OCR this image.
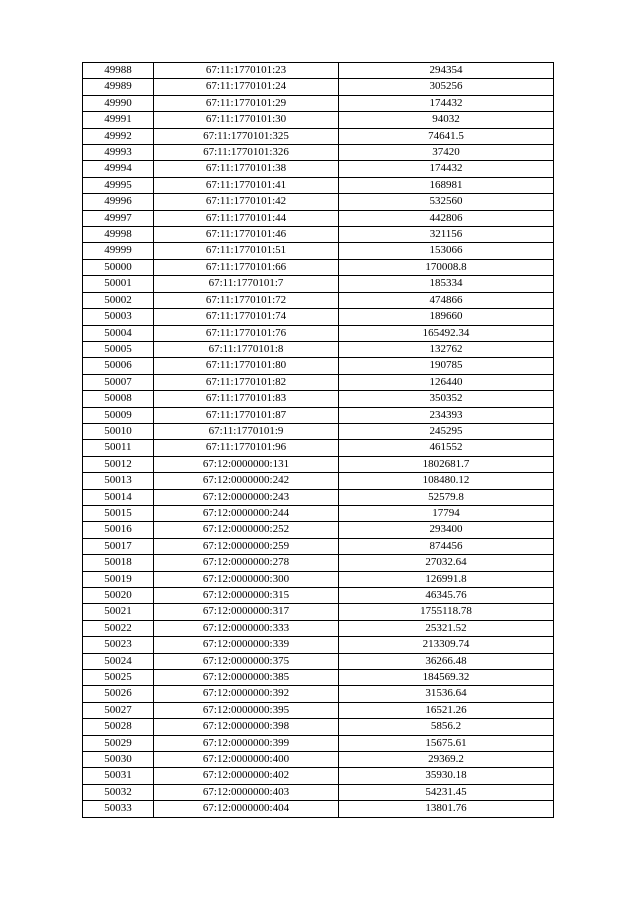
49988	67:11:1770101:23	294354
49989	67:11:1770101:24	305256
49990	67:11:1770101:29	174432
49991	67:11:1770101:30	94032
49992	67:11:1770101:325	74641.5
49993	67:11:1770101:326	37420
49994	67:11:1770101:38	174432
49995	67:11:1770101:41	168981
49996	67:11:1770101:42	532560
49997	67:11:1770101:44	442806
49998	67:11:1770101:46	321156
49999	67:11:1770101:51	153066
50000	67:11:1770101:66	170008.8
50001	67:11:1770101:7	185334
50002	67:11:1770101:72	474866
50003	67:11:1770101:74	189660
50004	67:11:1770101:76	165492.34
50005	67:11:1770101:8	132762
50006	67:11:1770101:80	190785
50007	67:11:1770101:82	126440
50008	67:11:1770101:83	350352
50009	67:11:1770101:87	234393
50010	67:11:1770101:9	245295
50011	67:11:1770101:96	461552
50012	67:12:0000000:131	1802681.7
50013	67:12:0000000:242	108480.12
50014	67:12:0000000:243	52579.8
50015	67:12:0000000:244	17794
50016	67:12:0000000:252	293400
50017	67:12:0000000:259	874456
50018	67:12:0000000:278	27032.64
50019	67:12:0000000:300	126991.8
50020	67:12:0000000:315	46345.76
50021	67:12:0000000:317	1755118.78
50022	67:12:0000000:333	25321.52
50023	67:12:0000000:339	213309.74
50024	67:12:0000000:375	36266.48
50025	67:12:0000000:385	184569.32
50026	67:12:0000000:392	31536.64
50027	67:12:0000000:395	16521.26
50028	67:12:0000000:398	5856.2
50029	67:12:0000000:399	15675.61
50030	67:12:0000000:400	29369.2
50031	67:12:0000000:402	35930.18
50032	67:12:0000000:403	54231.45
50033	67:12:0000000:404	13801.76
